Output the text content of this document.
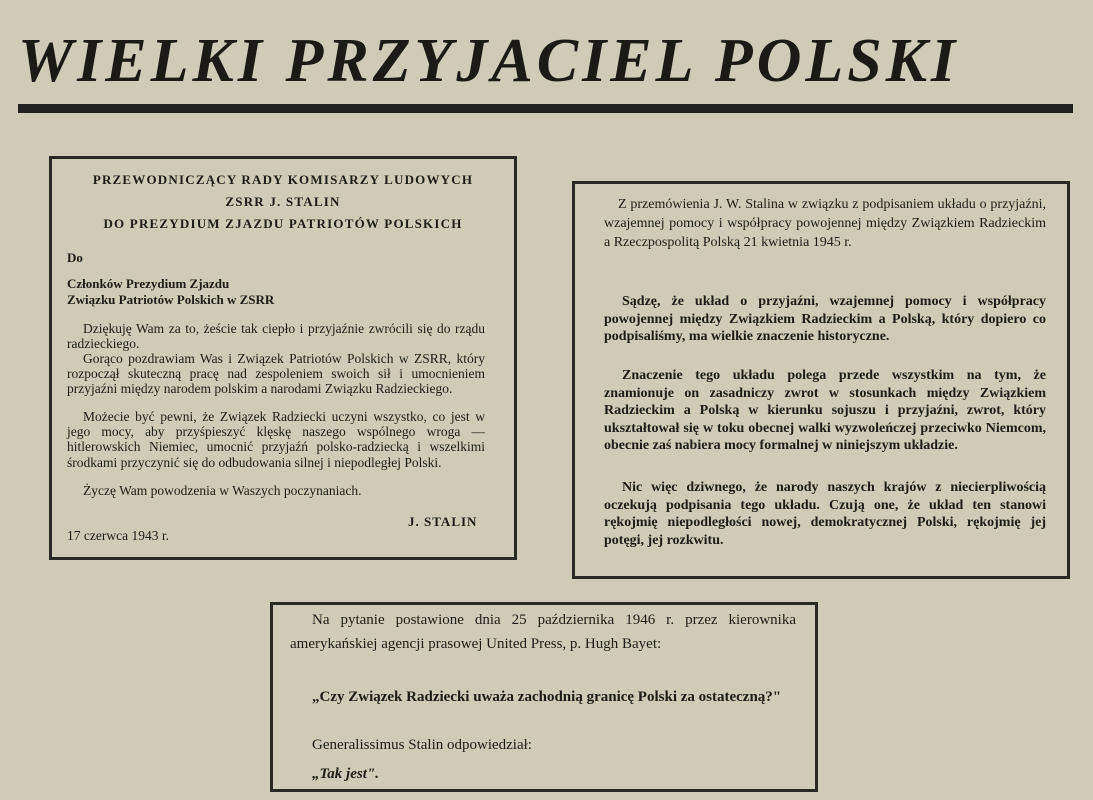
WIELKI PRZYJACIEL POLSKI

PRZEWODNICZĄCY RADY KOMISARZY LUDOWYCH

ZSRR J. STALIN

DO PREZYDIUM ZJAZDU PATRIOTÓW POLSKICH

Do

Członków Prezydium Zjazdu

Związku Patriotów Polskich w ZSRR

Dziękuję Wam za to, żeście tak ciepło i przyjaźnie zwrócili się do rządu radzieckiego.

Gorąco pozdrawiam Was i Związek Patriotów Polskich w ZSRR, który rozpoczął skuteczną pracę nad zespoleniem swoich sił i umocnieniem przyjaźni między narodem polskim a narodami Związku Radzieckiego.

Możecie być pewni, że Związek Radziecki uczyni wszystko, co jest w jego mocy, aby przyśpieszyć klęskę naszego wspólnego wroga — hitlerowskich Niemiec, umocnić przyjaźń polsko-radziecką i wszelkimi środkami przyczynić się do odbudowania silnej i niepodległej Polski.

Życzę Wam powodzenia w Waszych poczynaniach.

J. STALIN

17 czerwca 1943 r.

Z przemówienia J. W. Stalina w związku z podpisaniem układu o przyjaźni, wzajemnej pomocy i współpracy powojennej między Związkiem Radzieckim a Rzeczpospolitą Polską 21 kwietnia 1945 r.

Sądzę, że układ o przyjaźni, wzajemnej pomocy i współpracy powojennej między Związkiem Radzieckim a Polską, który dopiero co podpisaliśmy, ma wielkie znaczenie historyczne.

Znaczenie tego układu polega przede wszystkim na tym, że znamionuje on zasadniczy zwrot w stosunkach między Związkiem Radzieckim a Polską w kierunku sojuszu i przyjaźni, zwrot, który ukształtował się w toku obecnej walki wyzwoleńczej przeciwko Niemcom, obecnie zaś nabiera mocy formalnej w niniejszym układzie.

Nic więc dziwnego, że narody naszych krajów z niecierpliwością oczekują podpisania tego układu. Czują one, że układ ten stanowi rękojmię niepodległości nowej, demokratycznej Polski, rękojmię jej potęgi, jej rozkwitu.

Na pytanie postawione dnia 25 października 1946 r. przez kierownika amerykańskiej agencji prasowej United Press, p. Hugh Bayet:

„Czy Związek Radziecki uważa zachodnią granicę Polski za ostateczną?"

Generalissimus Stalin odpowiedział:

„Tak jest".
